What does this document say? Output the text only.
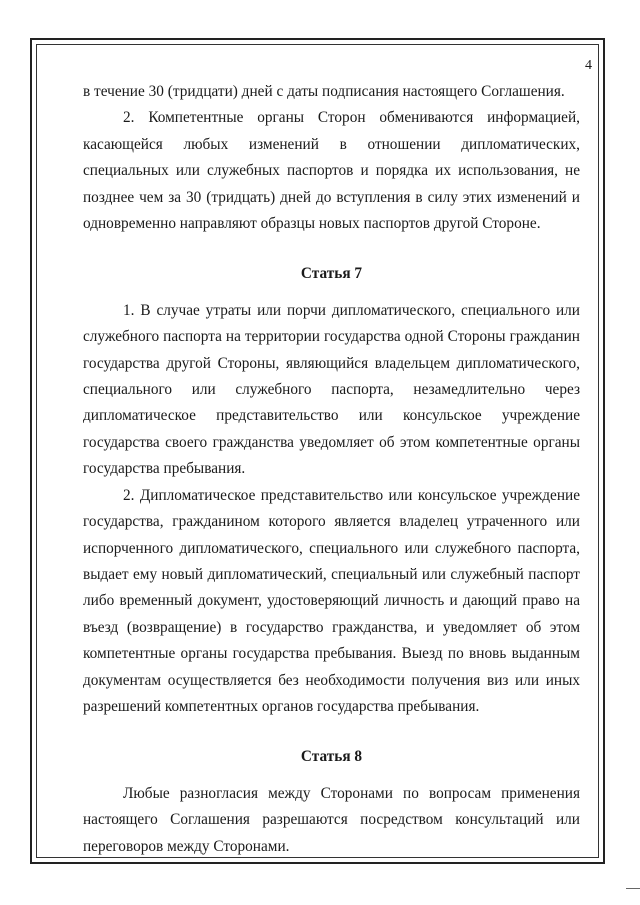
4

в течение 30 (тридцати) дней с даты подписания настоящего Соглашения.

2. Компетентные органы Сторон обмениваются информацией, касающейся любых изменений в отношении дипломатических, специальных или служебных паспортов и порядка их использования, не позднее чем за 30 (тридцать) дней до вступления в силу этих изменений и одновременно направляют образцы новых паспортов другой Стороне.

Статья 7

1. В случае утраты или порчи дипломатического, специального или служебного паспорта на территории государства одной Стороны гражданин государства другой Стороны, являющийся владельцем дипломатического, специального или служебного паспорта, незамедлительно через дипломатическое представительство или консульское учреждение государства своего гражданства уведомляет об этом компетентные органы государства пребывания.

2. Дипломатическое представительство или консульское учреждение государства, гражданином которого является владелец утраченного или испорченного дипломатического, специального или служебного паспорта, выдает ему новый дипломатический, специальный или служебный паспорт либо временный документ, удостоверяющий личность и дающий право на въезд (возвращение) в государство гражданства, и уведомляет об этом компетентные органы государства пребывания. Выезд по вновь выданным документам осуществляется без необходимости получения виз или иных разрешений компетентных органов государства пребывания.

Статья 8

Любые разногласия между Сторонами по вопросам применения настоящего Соглашения разрешаются посредством консультаций или переговоров между Сторонами.
